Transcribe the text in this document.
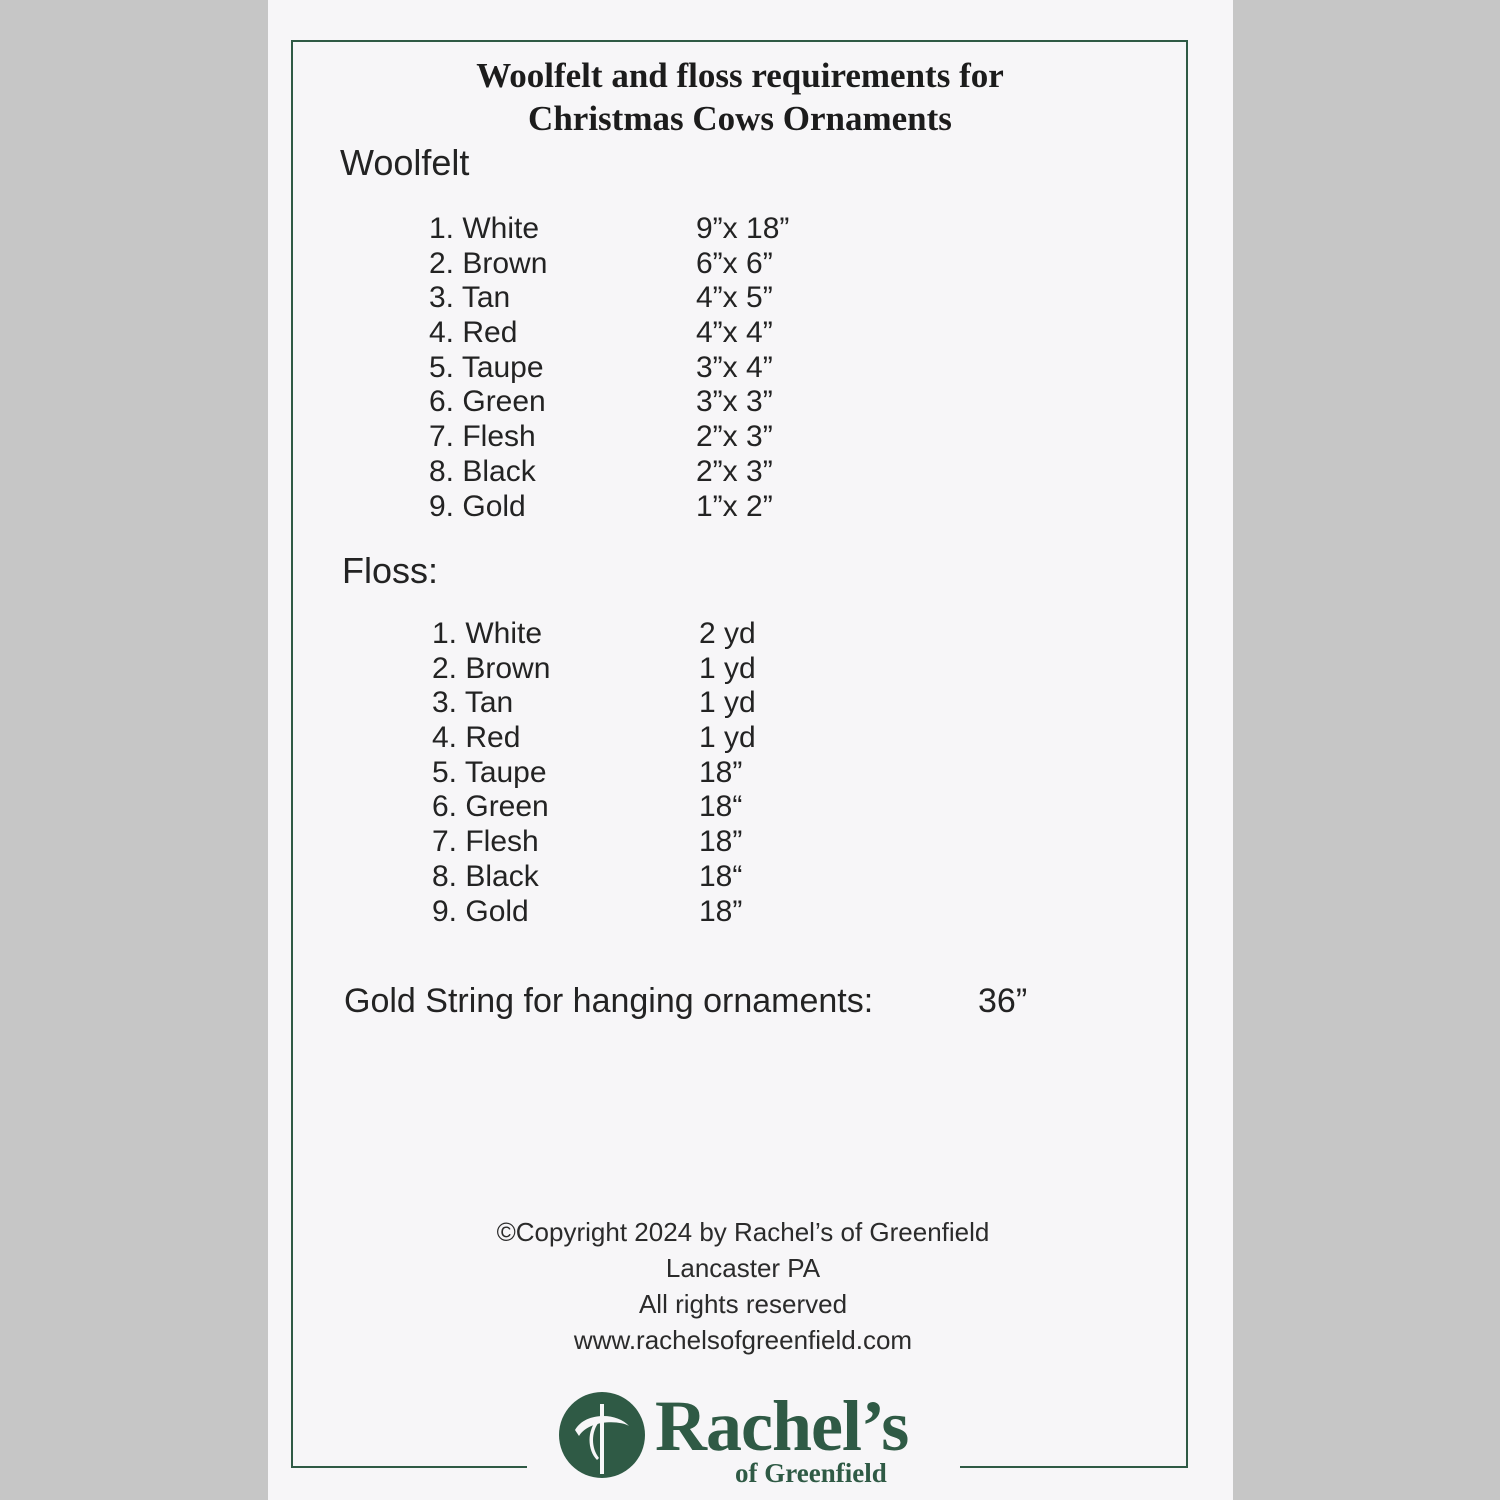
Woolfelt and floss requirements for
Christmas Cows Ornaments
Woolfelt
1. White	9”x 18”
2. Brown	6”x 6”
3. Tan	4”x 5”
4. Red	4”x 4”
5. Taupe	3”x 4”
6. Green	3”x 3”
7. Flesh	2”x 3”
8. Black	2”x 3”
9. Gold	1”x 2”
Floss:
1. White	2 yd
2. Brown	1 yd
3. Tan	1 yd
4. Red	1 yd
5. Taupe	18”
6. Green	18“
7. Flesh	18”
8. Black	18“
9. Gold	18”
Gold String for hanging ornaments:	36”
©Copyright 2024 by Rachel’s of Greenfield
Lancaster PA
All rights reserved
www.rachelsofgreenfield.com
Rachel’s
of Greenfield
